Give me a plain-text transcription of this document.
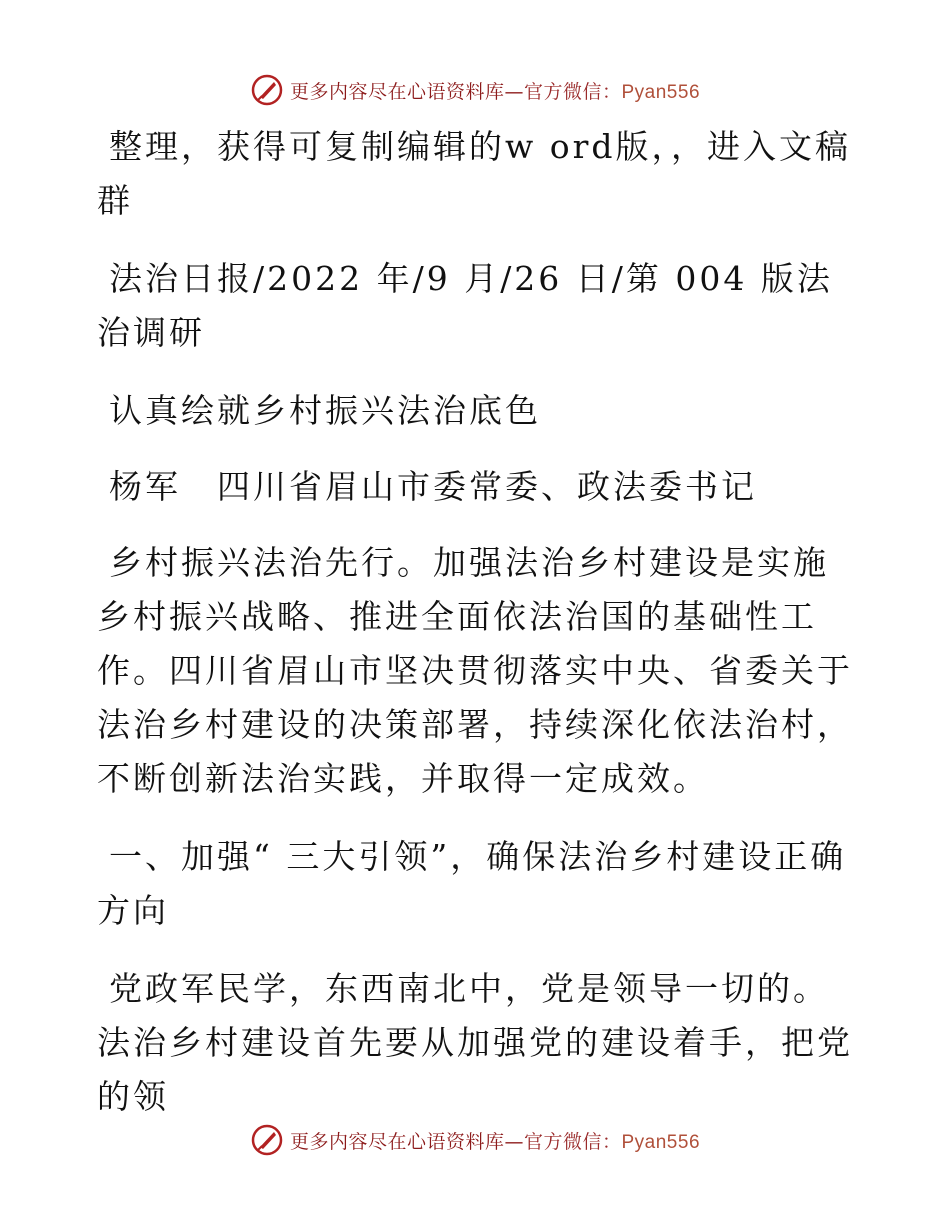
更多内容尽在心语资料库—官方微信：Pyan556

整理，获得可复制编辑的w ord版，，进入文稿群

法治日报/2022 年/9 月/26 日/第 004 版法治调研

认真绘就乡村振兴法治底色

杨军　四川省眉山市委常委、政法委书记

乡村振兴法治先行。加强法治乡村建设是实施乡村振兴战略、推进全面依法治国的基础性工作。四川省眉山市坚决贯彻落实中央、省委关于法治乡村建设的决策部署，持续深化依法治村，不断创新法治实践，并取得一定成效。

一、加强“ 三大引领”，确保法治乡村建设正确方向

党政军民学，东西南北中，党是领导一切的。法治乡村建设首先要从加强党的建设着手，把党的领

更多内容尽在心语资料库—官方微信：Pyan556
